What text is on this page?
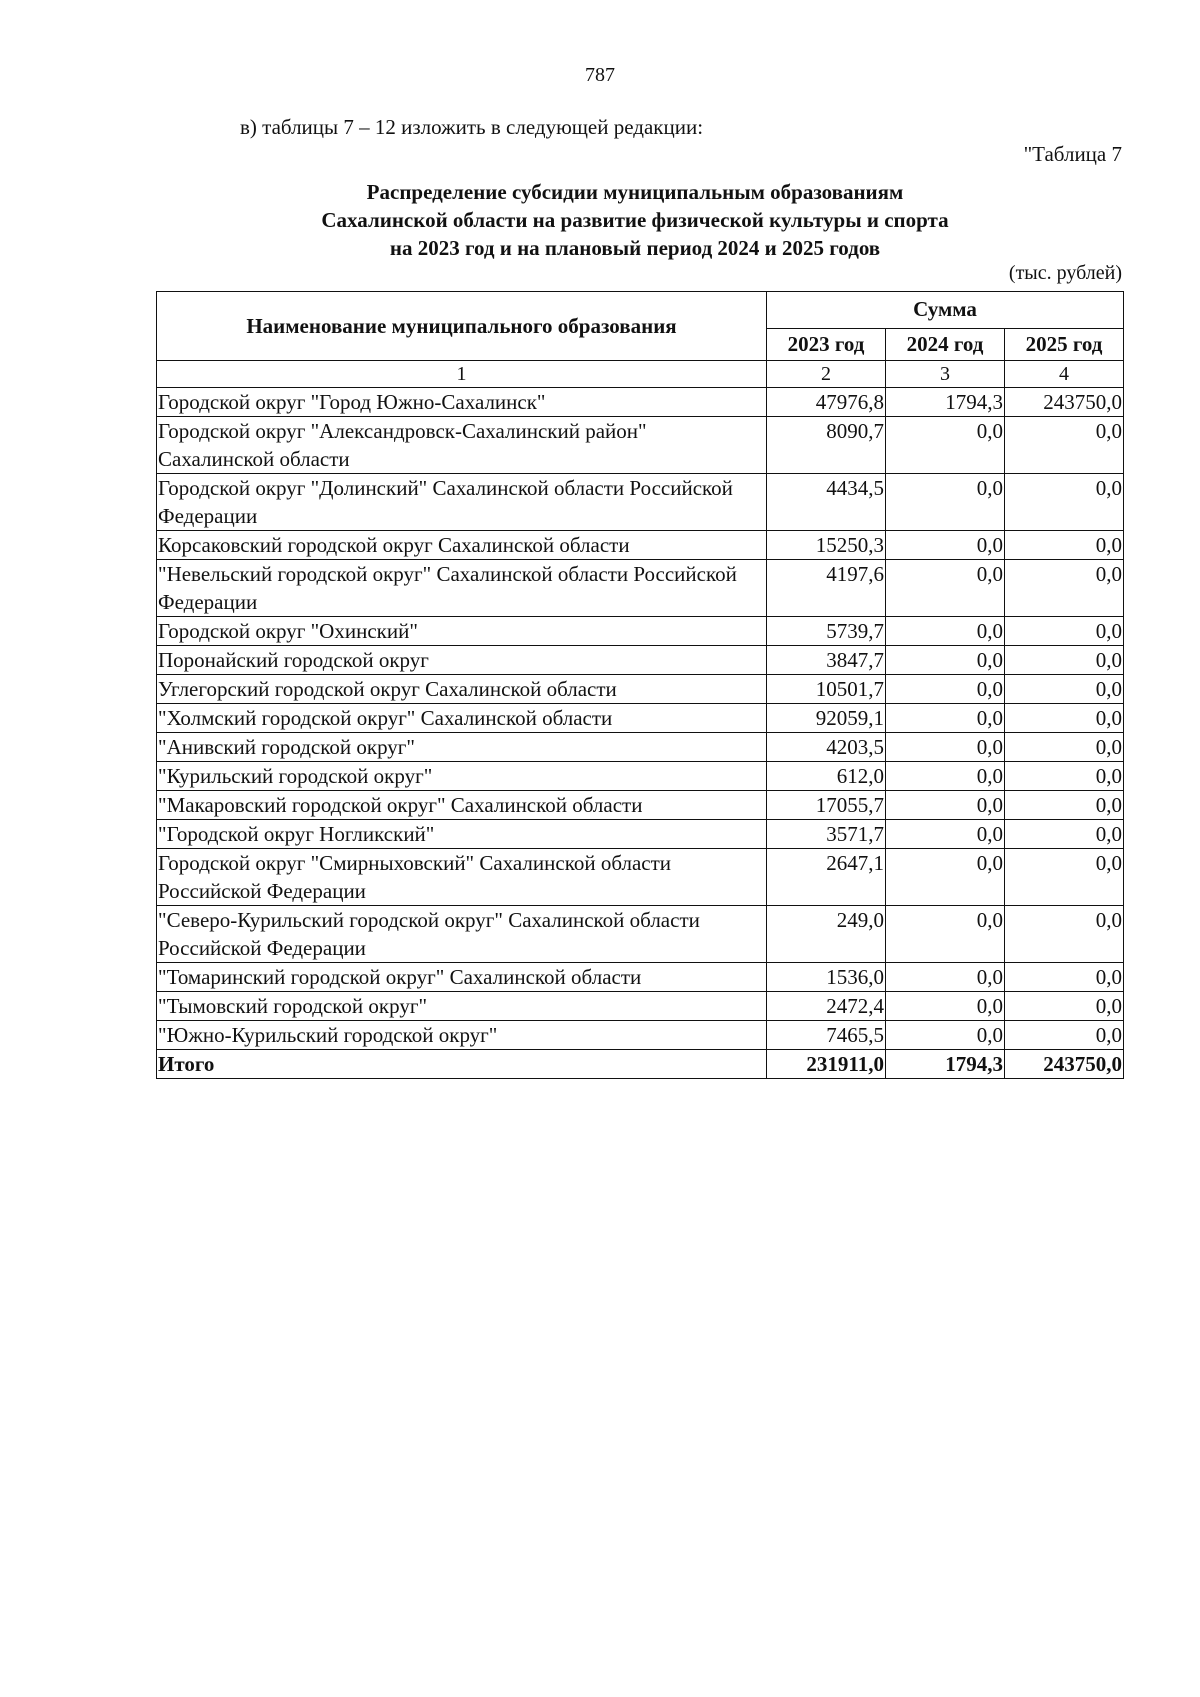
787
в) таблицы 7 – 12 изложить в следующей редакции:
"Таблица 7
Распределение субсидии муниципальным образованиям
Сахалинской области на развитие физической культуры и спорта
на 2023 год и на плановый период 2024 и 2025 годов
(тыс. рублей)
Наименование муниципального образования	Сумма		
	2023 год	2024 год	2025 год
1	2	3	4
Городской округ "Город Южно-Сахалинск"	47976,8	1794,3	243750,0
Городской округ "Александровск-Сахалинский район" Сахалинской области	8090,7	0,0	0,0
Городской округ "Долинский" Сахалинской области Российской Федерации	4434,5	0,0	0,0
Корсаковский городской округ Сахалинской области	15250,3	0,0	0,0
"Невельский городской округ" Сахалинской области Российской Федерации	4197,6	0,0	0,0
Городской округ "Охинский"	5739,7	0,0	0,0
Поронайский городской округ	3847,7	0,0	0,0
Углегорский городской округ Сахалинской области	10501,7	0,0	0,0
"Холмский городской округ" Сахалинской области	92059,1	0,0	0,0
"Анивский городской округ"	4203,5	0,0	0,0
"Курильский городской округ"	612,0	0,0	0,0
"Макаровский городской округ" Сахалинской области	17055,7	0,0	0,0
"Городской округ Ногликский"	3571,7	0,0	0,0
Городской округ "Смирныховский" Сахалинской области Российской Федерации	2647,1	0,0	0,0
"Северо-Курильский городской округ" Сахалинской области Российской Федерации	249,0	0,0	0,0
"Томаринский городской округ" Сахалинской области	1536,0	0,0	0,0
"Тымовский городской округ"	2472,4	0,0	0,0
"Южно-Курильский городской округ"	7465,5	0,0	0,0
Итого	231911,0	1794,3	243750,0
